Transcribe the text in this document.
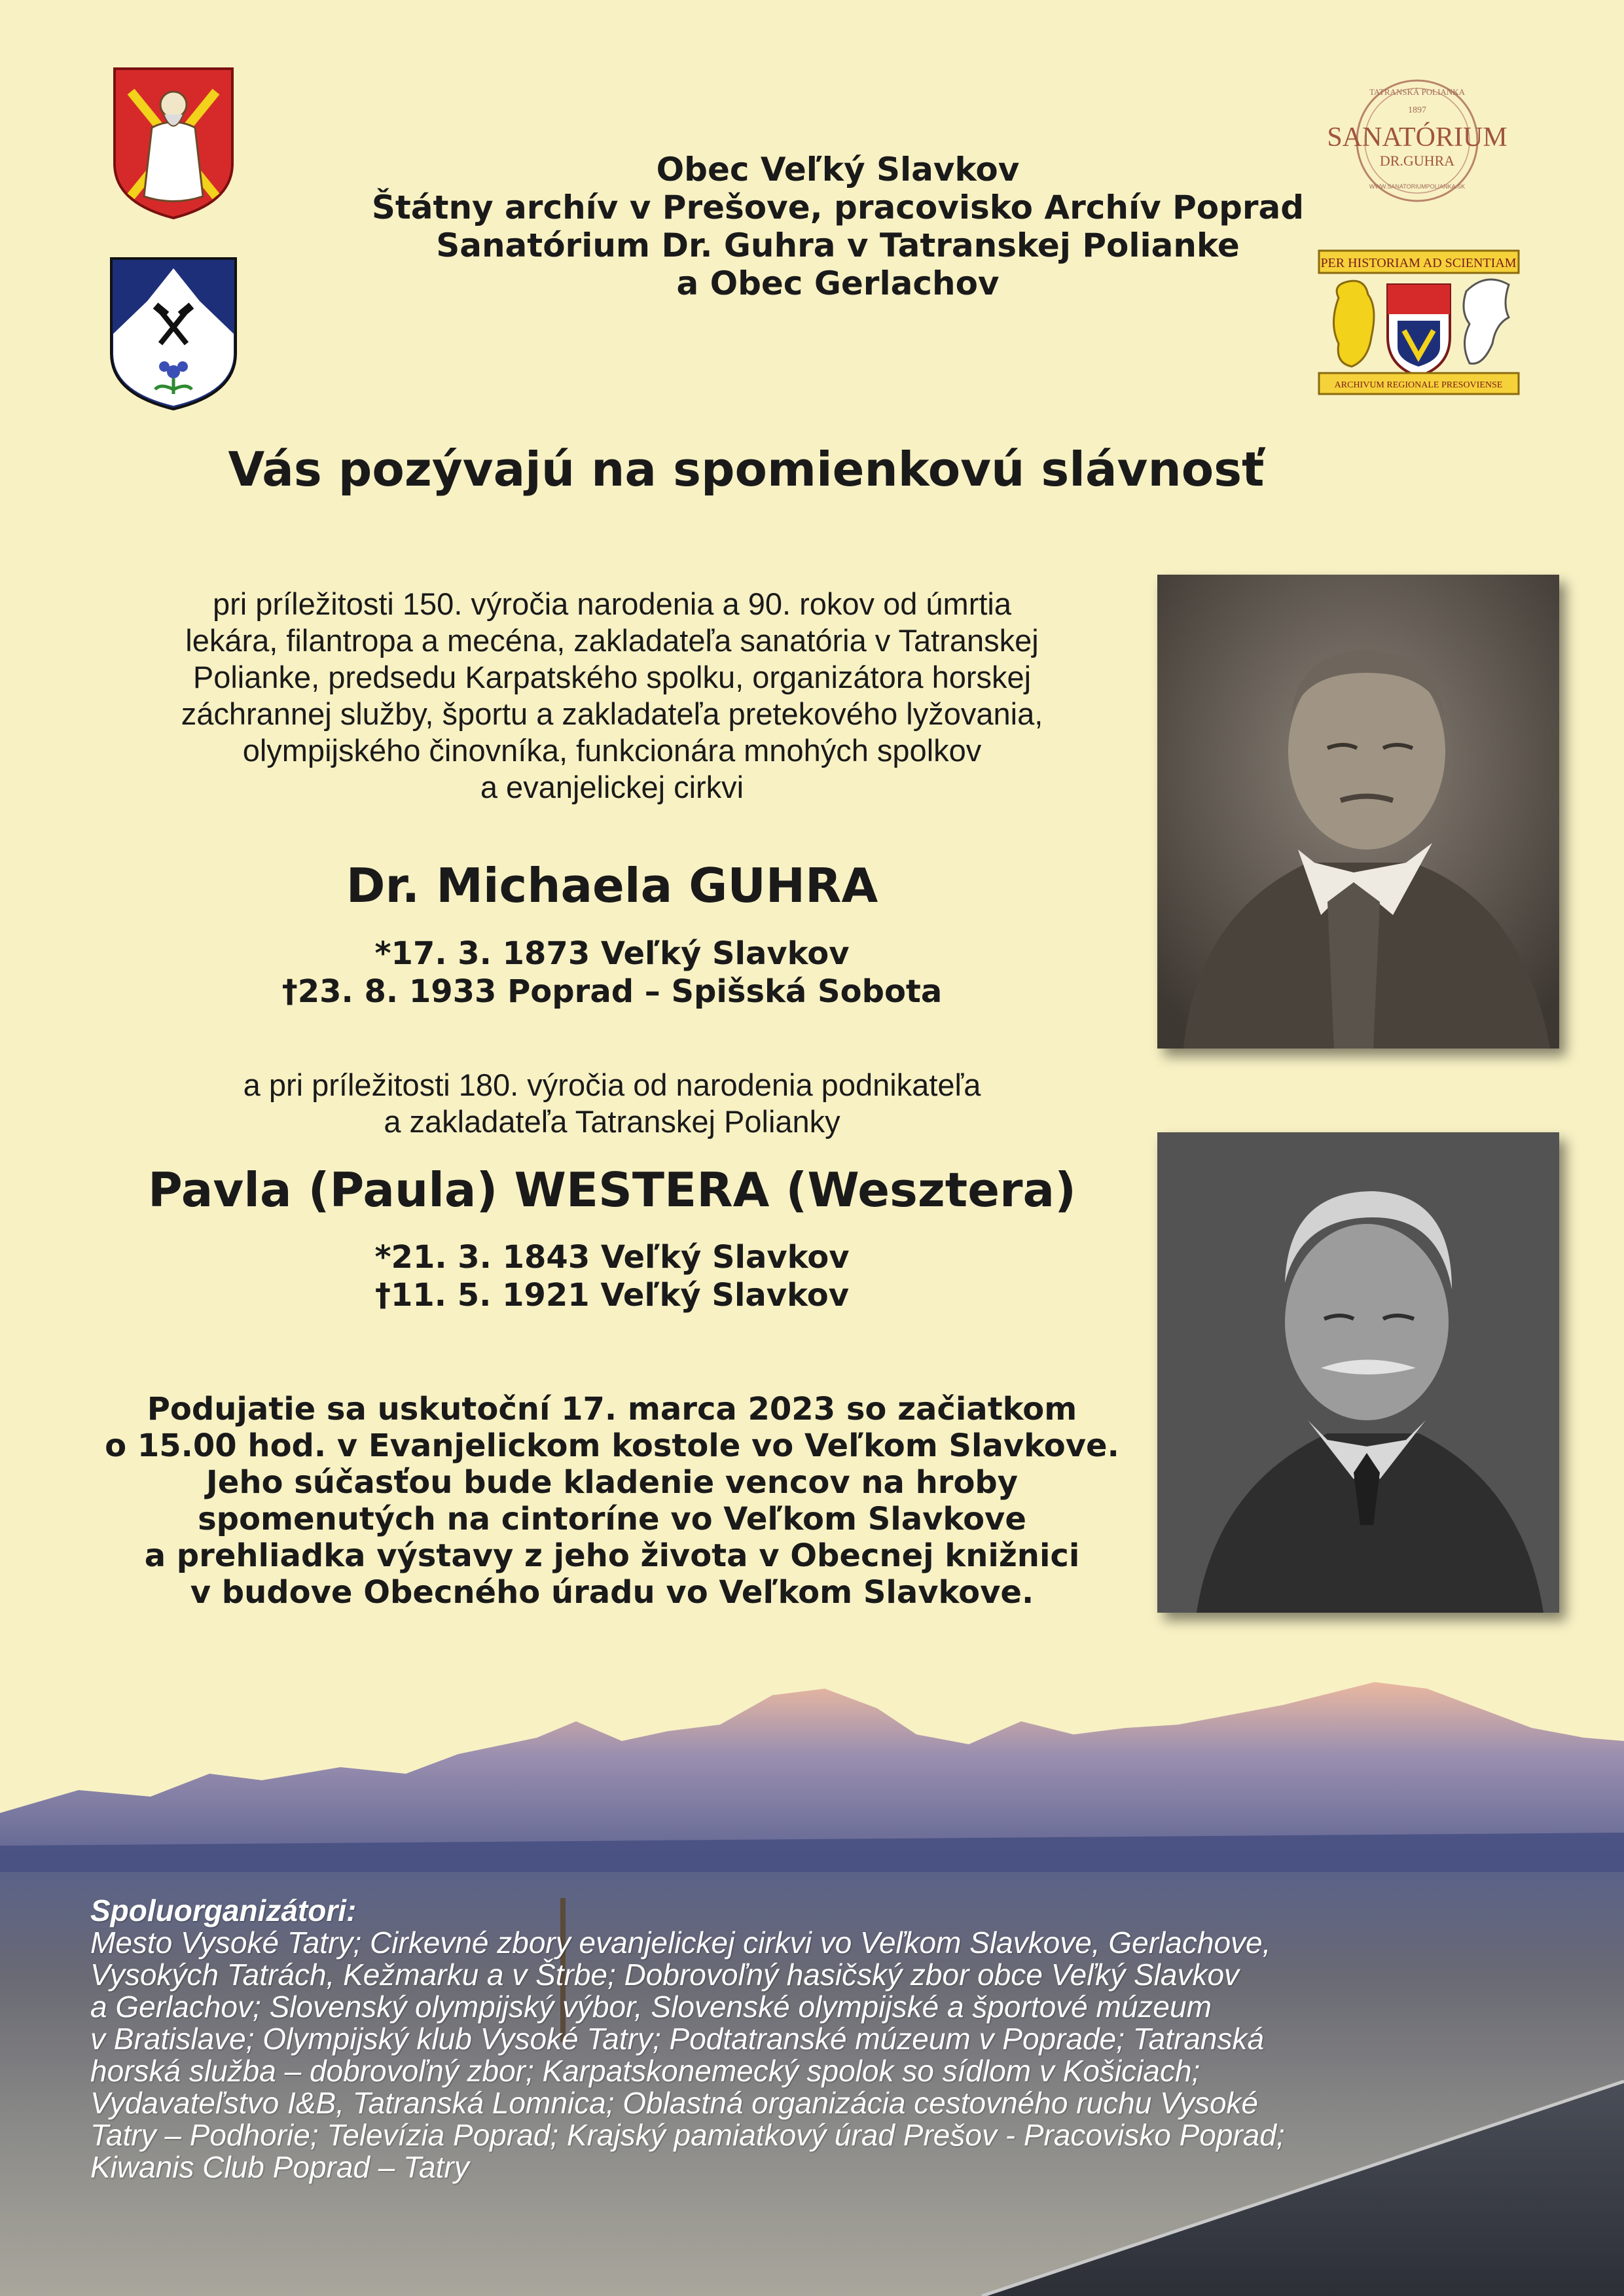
TATRANSKÁ POLIANKA
1897
SANATÓRIUM
DR.GUHRA
WWW.SANATORIUMPOLIANKA.SK
PER HISTORIAM AD SCIENTIAM
ARCHIVUM REGIONALE PRESOVIENSE
Obec Veľký Slavkov
Štátny archív v Prešove, pracovisko Archív Poprad
Sanatórium Dr. Guhra v Tatranskej Polianke
a Obec Gerlachov
Vás pozývajú na spomienkovú slávnosť
pri príležitosti 150. výročia narodenia a 90. rokov od úmrtia
lekára, filantropa a mecéna, zakladateľa sanatória v Tatranskej
Polianke, predsedu Karpatského spolku, organizátora horskej
záchrannej služby, športu a zakladateľa pretekového lyžovania,
olympijského činovníka, funkcionára mnohých spolkov
a evanjelickej cirkvi
Dr. Michaela GUHRA
*17. 3. 1873 Veľký Slavkov
†23. 8. 1933 Poprad – Spišská Sobota
a pri príležitosti 180. výročia od narodenia podnikateľa
a zakladateľa Tatranskej Polianky
Pavla (Paula) WESTERA (Wesztera)
*21. 3. 1843 Veľký Slavkov
†11. 5. 1921 Veľký Slavkov
Podujatie sa uskutoční 17. marca 2023 so začiatkom
o 15.00 hod. v Evanjelickom kostole vo Veľkom Slavkove.
Jeho súčasťou bude kladenie vencov na hroby
spomenutých na cintoríne vo Veľkom Slavkove
a prehliadka výstavy z jeho života v Obecnej knižnici
v budove Obecného úradu vo Veľkom Slavkove.
Spoluorganizátori:
Mesto Vysoké Tatry; Cirkevné zbory evanjelickej cirkvi vo Veľkom Slavkove, Gerlachove,
Vysokých Tatrách, Kežmarku a v Štrbe; Dobrovoľný hasičský zbor obce Veľký Slavkov
a Gerlachov; Slovenský olympijský výbor, Slovenské olympijské a športové múzeum
v Bratislave; Olympijský klub Vysoké Tatry; Podtatranské múzeum v Poprade; Tatranská
horská služba – dobrovoľný zbor; Karpatskonemecký spolok so sídlom v Košiciach;
Vydavateľstvo I&B, Tatranská Lomnica; Oblastná organizácia cestovného ruchu Vysoké
Tatry – Podhorie; Televízia Poprad; Krajský pamiatkový úrad Prešov - Pracovisko Poprad;
Kiwanis Club Poprad – Tatry
